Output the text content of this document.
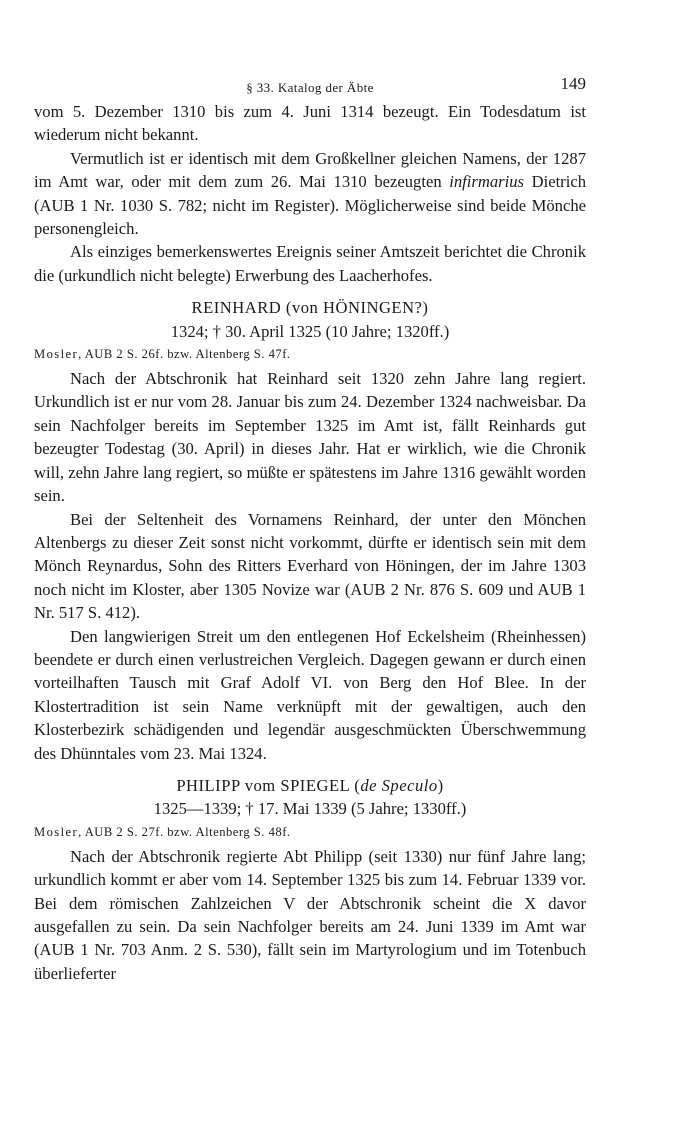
§ 33. Katalog der Äbte	149

vom 5. Dezember 1310 bis zum 4. Juni 1314 bezeugt. Ein Todesdatum ist wiederum nicht bekannt.

Vermutlich ist er identisch mit dem Großkellner gleichen Namens, der 1287 im Amt war, oder mit dem zum 26. Mai 1310 bezeugten infirmarius Dietrich (AUB 1 Nr. 1030 S. 782; nicht im Register). Möglicherweise sind beide Mönche personengleich.

Als einziges bemerkenswertes Ereignis seiner Amtszeit berichtet die Chronik die (urkundlich nicht belegte) Erwerbung des Laacherhofes.

REINHARD (von HÖNINGEN?)
1324; † 30. April 1325 (10 Jahre; 1320ff.)
Mosler, AUB 2 S. 26f. bzw. Altenberg S. 47f.

Nach der Abtschronik hat Reinhard seit 1320 zehn Jahre lang regiert. Urkundlich ist er nur vom 28. Januar bis zum 24. Dezember 1324 nachweisbar. Da sein Nachfolger bereits im September 1325 im Amt ist, fällt Reinhards gut bezeugter Todestag (30. April) in dieses Jahr. Hat er wirklich, wie die Chronik will, zehn Jahre lang regiert, so müßte er spätestens im Jahre 1316 gewählt worden sein.

Bei der Seltenheit des Vornamens Reinhard, der unter den Mönchen Altenbergs zu dieser Zeit sonst nicht vorkommt, dürfte er identisch sein mit dem Mönch Reynardus, Sohn des Ritters Everhard von Höningen, der im Jahre 1303 noch nicht im Kloster, aber 1305 Novize war (AUB 2 Nr. 876 S. 609 und AUB 1 Nr. 517 S. 412).

Den langwierigen Streit um den entlegenen Hof Eckelsheim (Rheinhessen) beendete er durch einen verlustreichen Vergleich. Dagegen gewann er durch einen vorteilhaften Tausch mit Graf Adolf VI. von Berg den Hof Blee. In der Klostertradition ist sein Name verknüpft mit der gewaltigen, auch den Klosterbezirk schädigenden und legendär ausgeschmückten Überschwemmung des Dhünntales vom 23. Mai 1324.

PHILIPP vom SPIEGEL (de Speculo)
1325—1339; † 17. Mai 1339 (5 Jahre; 1330ff.)
Mosler, AUB 2 S. 27f. bzw. Altenberg S. 48f.

Nach der Abtschronik regierte Abt Philipp (seit 1330) nur fünf Jahre lang; urkundlich kommt er aber vom 14. September 1325 bis zum 14. Februar 1339 vor. Bei dem römischen Zahlzeichen V der Abtschronik scheint die X davor ausgefallen zu sein. Da sein Nachfolger bereits am 24. Juni 1339 im Amt war (AUB 1 Nr. 703 Anm. 2 S. 530), fällt sein im Martyrologium und im Totenbuch überlieferter
